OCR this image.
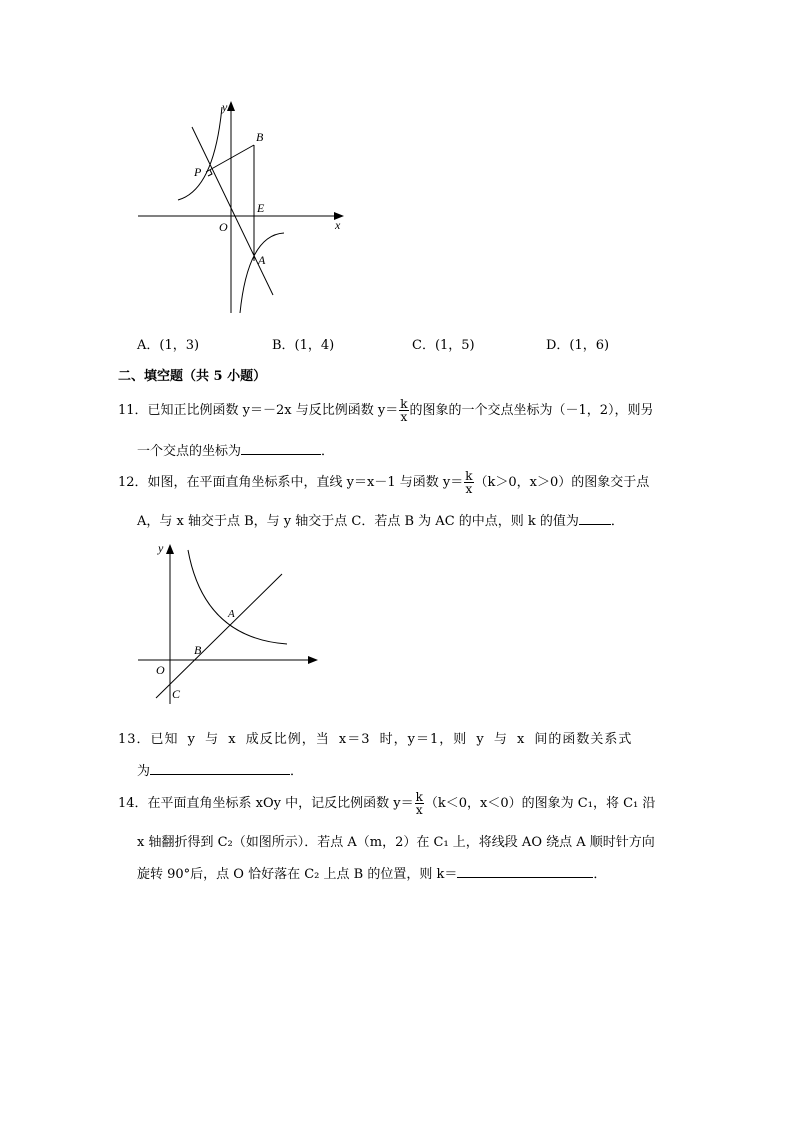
y
B
P
E
O	x
A
A．(1，3)	B．(1，4)	C．(1，5)	D．(1，6)
二、填空题（共 5 小题）
11．已知正比例函数 y＝－2x 与反比例函数 $y= \frac{k}{x}$ 的图象的一个交点坐标为（－1，2），则另
一个交点的坐标为	．
12．如图，在平面直角坐标系中，直线 y＝x－1 与函数 $y= \frac{k}{x} (k>0$，x＞0）的图象交于点
A，与 x 轴交于点 B，与 y 轴交于点 C．若点 B 为 AC 的中点，则 k 的值为 ．
y
A
B
O
C
13．已知 y 与 x 成反比例，当 x＝3 时，y＝1，则 y 与 x 间的函数关系式
为	．
14．在平面直角坐标系 xOy 中，记反比例函数 $y= \frac{k}{x} (k<0$，x＜0）的图象为 C₁，将 C₁ 沿
x 轴翻折得到 C₂（如图所示）．若点 A（m，2）在 C₁ 上，将线段 AO 绕点 A 顺时针方向
旋转 90°后，点 O 恰好落在 C₂ 上点 B 的位置，则 k＝	．
